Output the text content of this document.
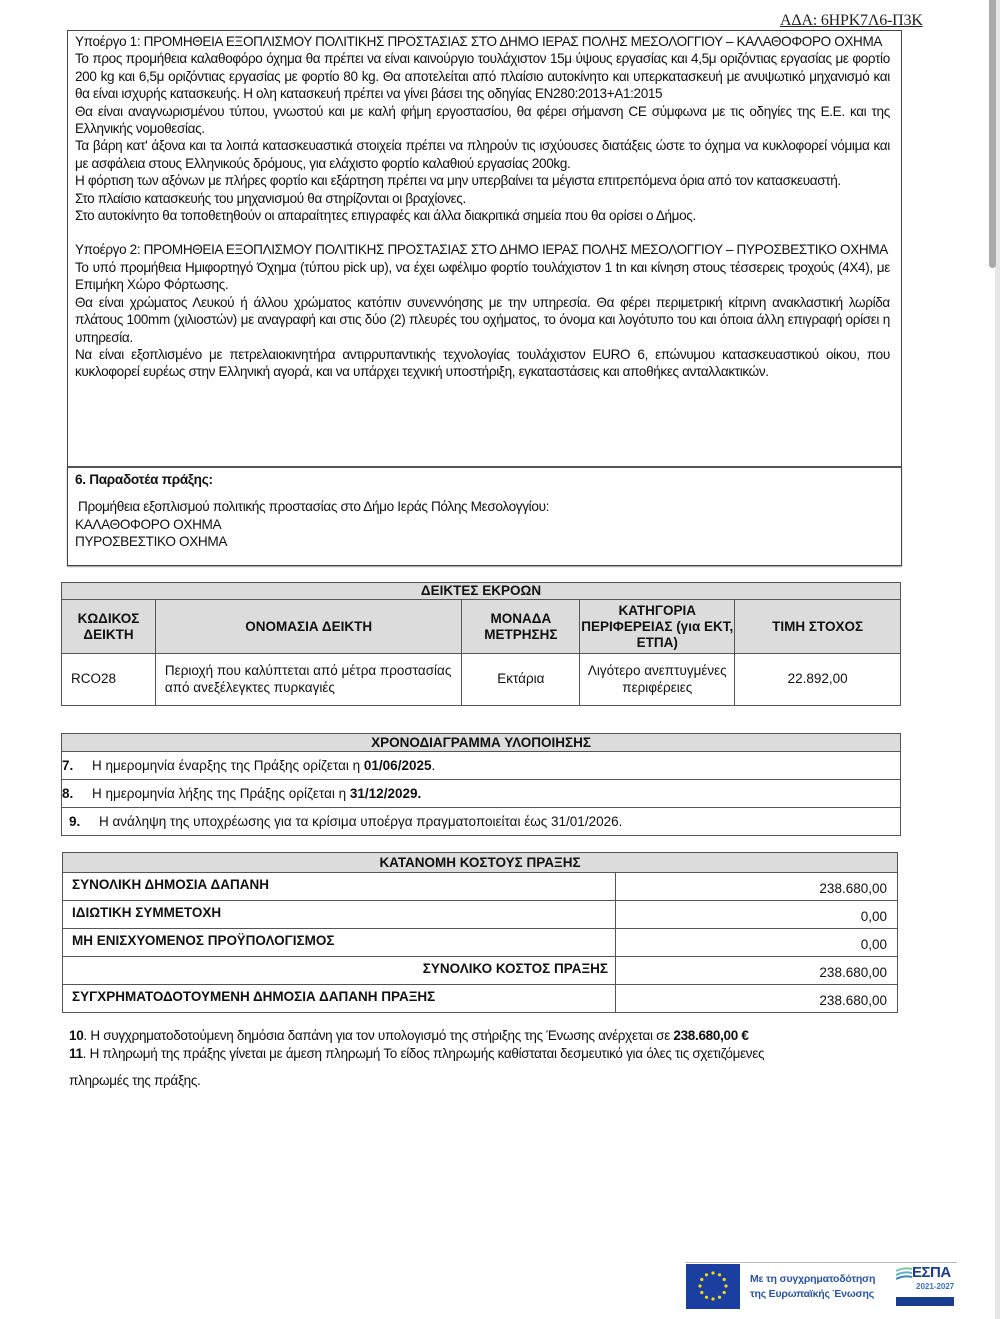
ΑΔΑ: 6ΗΡΚ7Λ6-Π3Κ

Υποέργο 1: ΠΡΟΜΗΘΕΙΑ ΕΞΟΠΛΙΣΜΟΥ ΠΟΛΙΤΙΚΗΣ ΠΡΟΣΤΑΣΙΑΣ ΣΤΟ ΔΗΜΟ ΙΕΡΑΣ ΠΟΛΗΣ ΜΕΣΟΛΟΓΓΙΟΥ – ΚΑΛΑΘΟΦΟΡΟ ΟΧΗΜΑ

Το προς προμήθεια καλαθοφόρο όχημα θα πρέπει να είναι καινούργιο τουλάχιστον 15μ ύψους εργασίας και 4,5μ οριζόντιας εργασίας με φορτίο 200 kg και 6,5μ οριζόντιας εργασίας με φορτίο 80 kg. Θα αποτελείται από πλαίσιο αυτοκίνητο και υπερκατασκευή με ανυψωτικό μηχανισμό και θα είναι ισχυρής κατασκευής. Η ολη κατασκευή πρέπει να γίνει βάσει της οδηγίας ΕΝ280:2013+Α1:2015

Θα είναι αναγνωρισμένου τύπου, γνωστού και με καλή φήμη εργοστασίου, θα φέρει σήμανση CE σύμφωνα με τις οδηγίες της Ε.Ε. και της Ελληνικής νομοθεσίας.

Τα βάρη κατ' άξονα και τα λοιπά κατασκευαστικά στοιχεία πρέπει να πληρούν τις ισχύουσες διατάξεις ώστε το όχημα να κυκλοφορεί νόμιμα και με ασφάλεια στους Ελληνικούς δρόμους, για ελάχιστο φορτίο καλαθιού εργασίας 200kg.

Η φόρτιση των αξόνων με πλήρες φορτίο και εξάρτηση πρέπει να μην υπερβαίνει τα μέγιστα επιτρεπόμενα όρια από τον κατασκευαστή.

Στο πλαίσιο κατασκευής του μηχανισμού θα στηρίζονται οι βραχίονες.

Στο αυτοκίνητο θα τοποθετηθούν οι απαραίτητες επιγραφές και άλλα διακριτικά σημεία που θα ορίσει ο Δήμος.

Υποέργο 2: ΠΡΟΜΗΘΕΙΑ ΕΞΟΠΛΙΣΜΟΥ ΠΟΛΙΤΙΚΗΣ ΠΡΟΣΤΑΣΙΑΣ ΣΤΟ ΔΗΜΟ ΙΕΡΑΣ ΠΟΛΗΣ ΜΕΣΟΛΟΓΓΙΟΥ – ΠΥΡΟΣΒΕΣΤΙΚΟ ΟΧΗΜΑ

Το υπό προμήθεια Ημιφορτηγό Όχημα (τύπου pick up), να έχει ωφέλιμο φορτίο τουλάχιστον 1 tn και κίνηση στους τέσσερεις τροχούς (4Χ4), με Επιμήκη Χώρο Φόρτωσης.

Θα είναι χρώματος Λευκού ή άλλου χρώματος κατόπιν συνεννόησης με την υπηρεσία. Θα φέρει περιμετρική κίτρινη ανακλαστική λωρίδα πλάτους 100mm (χιλιοστών) με αναγραφή και στις δύο (2) πλευρές του οχήματος, το όνομα και λογότυπο του και όποια άλλη επιγραφή ορίσει η υπηρεσία.

Να είναι εξοπλισμένο με πετρελαιοκινητήρα αντιρρυπαντικής τεχνολογίας τουλάχιστον EURO 6, επώνυμου κατασκευαστικού οίκου, που κυκλοφορεί ευρέως στην Ελληνική αγορά, και να υπάρχει τεχνική υποστήριξη, εγκαταστάσεις και αποθήκες ανταλλακτικών.

6. Παραδοτέα πράξης:

Προμήθεια εξοπλισμού πολιτικής προστασίας στο Δήμο Ιεράς Πόλης Μεσολογγίου:

ΚΑΛΑΘΟΦΟΡΟ ΟΧΗΜΑ

ΠΥΡΟΣΒΕΣΤΙΚΟ ΟΧΗΜΑ

ΔΕΙΚΤΕΣ ΕΚΡΟΩΝ				
ΚΩΔΙΚΟΣ ΔΕΙΚΤΗ	ΟΝΟΜΑΣΙΑ ΔΕΙΚΤΗ	ΜΟΝΑΔΑ ΜΕΤΡΗΣΗΣ	ΚΑΤΗΓΟΡΙΑ ΠΕΡΙΦΕΡΕΙΑΣ (για ΕΚΤ, ΕΤΠΑ)	ΤΙΜΗ ΣΤΟΧΟΣ
RCO28	Περιοχή που καλύπτεται από μέτρα προστασίας από ανεξέλεγκτες πυρκαγιές	Εκτάρια	Λιγότερο ανεπτυγμένες περιφέρειες	22.892,00
ΧΡΟΝΟΔΙΑΓΡΑΜΜΑ ΥΛΟΠΟΙΗΣΗΣ
7. Η ημερομηνία έναρξης της Πράξης ορίζεται η 01/06/2025.
8. Η ημερομηνία λήξης της Πράξης ορίζεται η 31/12/2029.
9. Η ανάληψη της υποχρέωσης για τα κρίσιμα υποέργα πραγματοποιείται έως 31/01/2026.
ΚΑΤΑΝΟΜΗ ΚΟΣΤΟΥΣ ΠΡΑΞΗΣ	
ΣΥΝΟΛΙΚΗ ΔΗΜΟΣΙΑ ΔΑΠΑΝΗ	238.680,00
ΙΔΙΩΤΙΚΗ ΣΥΜΜΕΤΟΧΗ	0,00
ΜΗ ΕΝΙΣΧΥΟΜΕΝΟΣ ΠΡΟΫΠΟΛΟΓΙΣΜΟΣ	0,00
ΣΥΝΟΛΙΚΟ ΚΟΣΤΟΣ ΠΡΑΞΗΣ	238.680,00
ΣΥΓΧΡΗΜΑΤΟΔΟΤΟΥΜΕΝΗ ΔΗΜΟΣΙΑ ΔΑΠΑΝΗ ΠΡΑΞΗΣ	238.680,00

10. Η συγχρηματοδοτούμενη δημόσια δαπάνη για τον υπολογισμό της στήριξης της Ένωσης ανέρχεται σε 238.680,00 €

11. Η πληρωμή της πράξης γίνεται με άμεση πληρωμή Το είδος πληρωμής καθίσταται δεσμευτικό για όλες τις σχετιζόμενες

πληρωμές της πράξης.

Με τη συγχρηματοδότηση
της Ευρωπαϊκής Ένωσης
ΕΣΠΑ
2021-2027
